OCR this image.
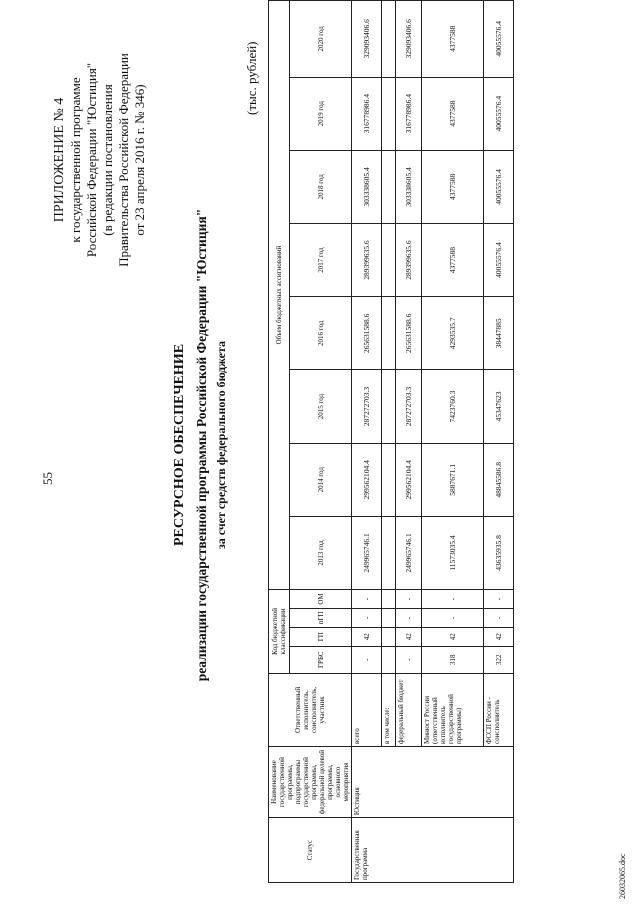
55
ПРИЛОЖЕНИЕ № 4 к государственной программе Российской Федерации "Юстиция" (в редакции постановления Правительства Российской Федерации от 23 апреля 2016 г. № 346)
РЕСУРСНОЕ ОБЕСПЕЧЕНИЕ реализации государственной программы Российской Федерации "Юстиция" за счет средств федерального бюджета
(тыс. рублей)
Статус	Наименование государственной программы, подпрограммы государственной программы, федеральной целевой программы, основного мероприятия	Ответственный исполнитель, соисполнитель, участник	Код бюджетной классификации				Объем бюджетных ассигнований							
			ГРБС	ГП	пГП	ОМ	2013 год	2014 год	2015 год	2016 год	2017 год	2018 год	2019 год	2020 год
Государственная программа	Юстиция	всего	-	42	-	-	249965746.1	299562104.4	287272703.3	265631588.6	289399635.6	303338605.4	316778986.4	329093406.6
		в том числе:												
		федеральный бюджет	-	42	-	-	249965746.1	299562104.4	287272703.3	265631588.6	289399635.6	303338605.4	316778986.4	329093406.6
		Минюст России (ответственный исполнитель государственной программы)	318	42	-	-	11573035.4	5887671.1	7423760.3	4293535.7	4377588	4377588	4377588	4377588
		ФССП России - соисполнитель	322	42	-	-	43635935.8	48845586.8	45347623	38447885	40055576.4	40055576.4	40055576.4	40055576.4
26032065.doc
